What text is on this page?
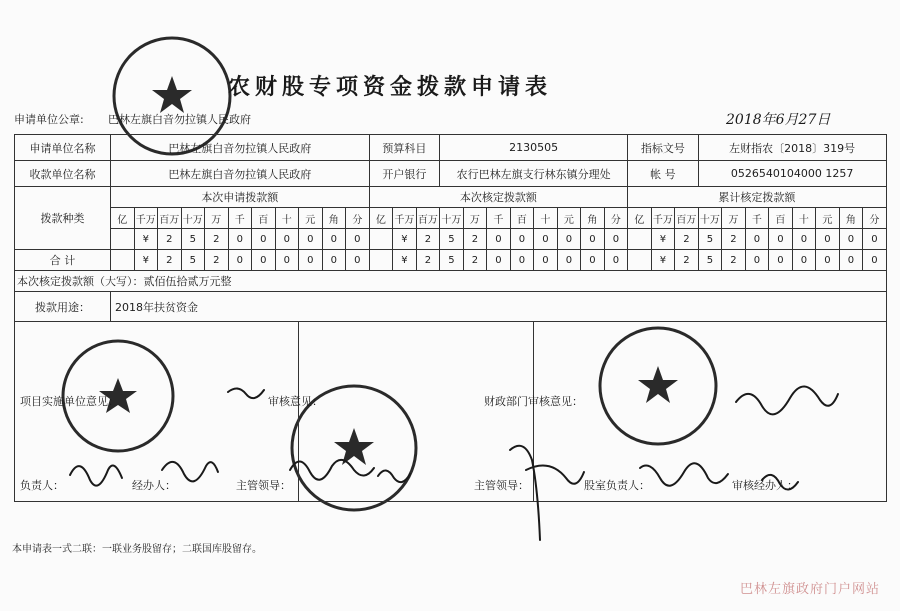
农财股专项资金拨款申请表
申请单位公章: 巴林左旗白音勿拉镇人民政府	2018年6月27日
申请单位名称	巴林左旗白音勿拉镇人民政府											预算科目			2130505								指标文号			左财指农〔2018〕319号							
收款单位名称	巴林左旗白音勿拉镇人民政府											开户银行			农行巴林左旗支行林东镇分理处								帐 号			0526540104000 1257							
拨款种类	本次申请拨款额											本次核定拨款额											累计核定拨款额										
	亿	千万	百万	十万	万	千	百	十	元	角	分	亿	千万	百万	十万	万	千	百	十	元	角	分	亿	千万	百万	十万	万	千	百	十	元	角	分
		¥	2	5	2	0	0	0	0	0	0		¥	2	5	2	0	0	0	0	0	0		¥	2	5	2	0	0	0	0	0	0
合 计		¥	2	5	2	0	0	0	0	0	0		¥	2	5	2	0	0	0	0	0	0		¥	2	5	2	0	0	0	0	0	0
本次核定拨款额（大写）：贰佰伍拾贰万元整																																	
拨款用途：	2018年扶贫资金																																

项目实施单位意见：	审核意见：	财政部门审核意见：
负责人：	经办人：	主管领导：	主管领导：	股室负责人：	审核经办人：
本申请表一式二联：一联业务股留存；二联国库股留存。
巴林左旗政府门户网站
